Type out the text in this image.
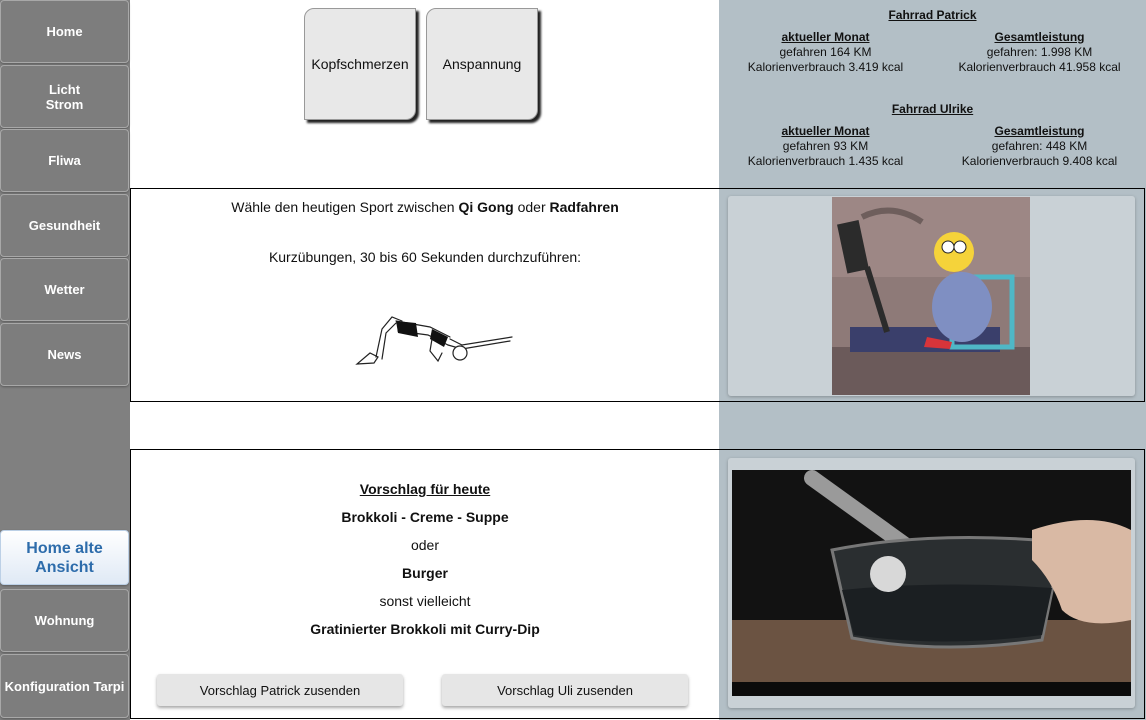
Home
Licht
Strom
Fliwa
Gesundheit
Wetter
News
Home alte Ansicht
Wohnung
Konfiguration Tarpi
Kopfschmerzen Anspannung
Fahrrad Patrick
aktueller Monat
gefahren 164 KM
Kalorienverbrauch 3.419 kcal
Gesamtleistung
gefahren: 1.998 KM
Kalorienverbrauch 41.958 kcal
Fahrrad Ulrike
aktueller Monat
gefahren 93 KM
Kalorienverbrauch 1.435 kcal
Gesamtleistung
gefahren: 448 KM
Kalorienverbrauch 9.408 kcal
Wähle den heutigen Sport zwischen Qi Gong oder Radfahren
Kurzübungen, 30 bis 60 Sekunden durchzuführen:
Vorschlag für heute
Brokkoli - Creme - Suppe
oder
Burger
sonst vielleicht
Gratinierter Brokkoli mit Curry-Dip
Vorschlag Patrick zusenden	Vorschlag Uli zusenden
